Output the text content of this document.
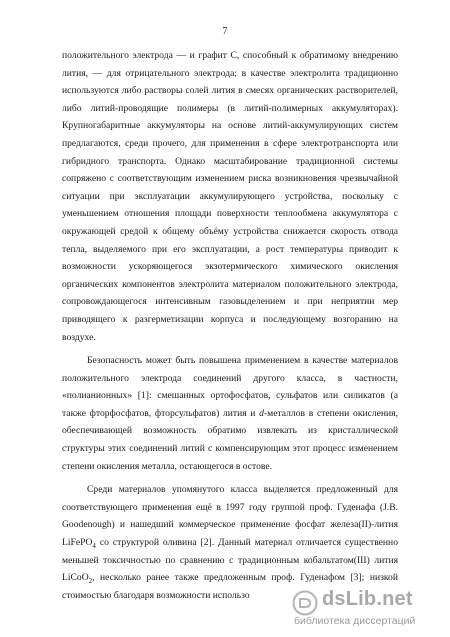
7

положительного электрода — и графит С, способный к обратимому внедрению лития, — для отрицательного электрода; в качестве электролита традиционно используются либо растворы солей лития в смесях органических растворителей, либо литий-проводящие полимеры (в литий-полимерных аккумуляторах). Крупногабаритные аккумуляторы на основе литий-аккумулирующих систем предлагаются, среди прочего, для применения в сфере электротранспорта или гибридного транспорта. Однако масштабирование традиционной системы сопряжено с соответствующим изменением риска возникновения чрезвычайной ситуации при эксплуатации аккумулирующего устройства, поскольку с уменьшением отношения площади поверхности теплообмена аккумулятора с окружающей средой к общему объёму устройства снижается скорость отвода тепла, выделяемого при его эксплуатации, а рост температуры приводит к возможности ускоряющегося экзотермического химического окисления органических компонентов электролита материалом положительного электрода, сопровождающегося интенсивным газовыделением и при неприятии мер приводящего к разгерметизации корпуса и последующему возгоранию на воздухе.

Безопасность может быть повышена применением в качестве материалов положительного электрода соединений другого класса, в частности, «полианионных» [1]: смешанных ортофосфатов, сульфатов или силикатов (а также фторфосфатов, фторсульфатов) лития и d-металлов в степени окисления, обеспечивающей возможность обратимо извлекать из кристаллической структуры этих соединений литий с компенсирующим этот процесс изменением степени окисления металла, остающегося в остове.

Среди материалов упомянутого класса выделяется предложенный для соответствующего применения ещё в 1997 году группой проф. Гуденафа (J.B. Goodenough) и нашедший коммерческое применение фосфат железа(II)-лития LiFePO$_4$ со структурой оливина [2]. Данный материал отличается существенно меньшей токсичностью по сравнению с традиционным кобальтатом(III) лития LiCoO$_2$, несколько ранее также предложенным проф. Гуденафом [3]; низкой стоимостью благодаря возможности использо	dsLib.net
библиотека диссертаций
